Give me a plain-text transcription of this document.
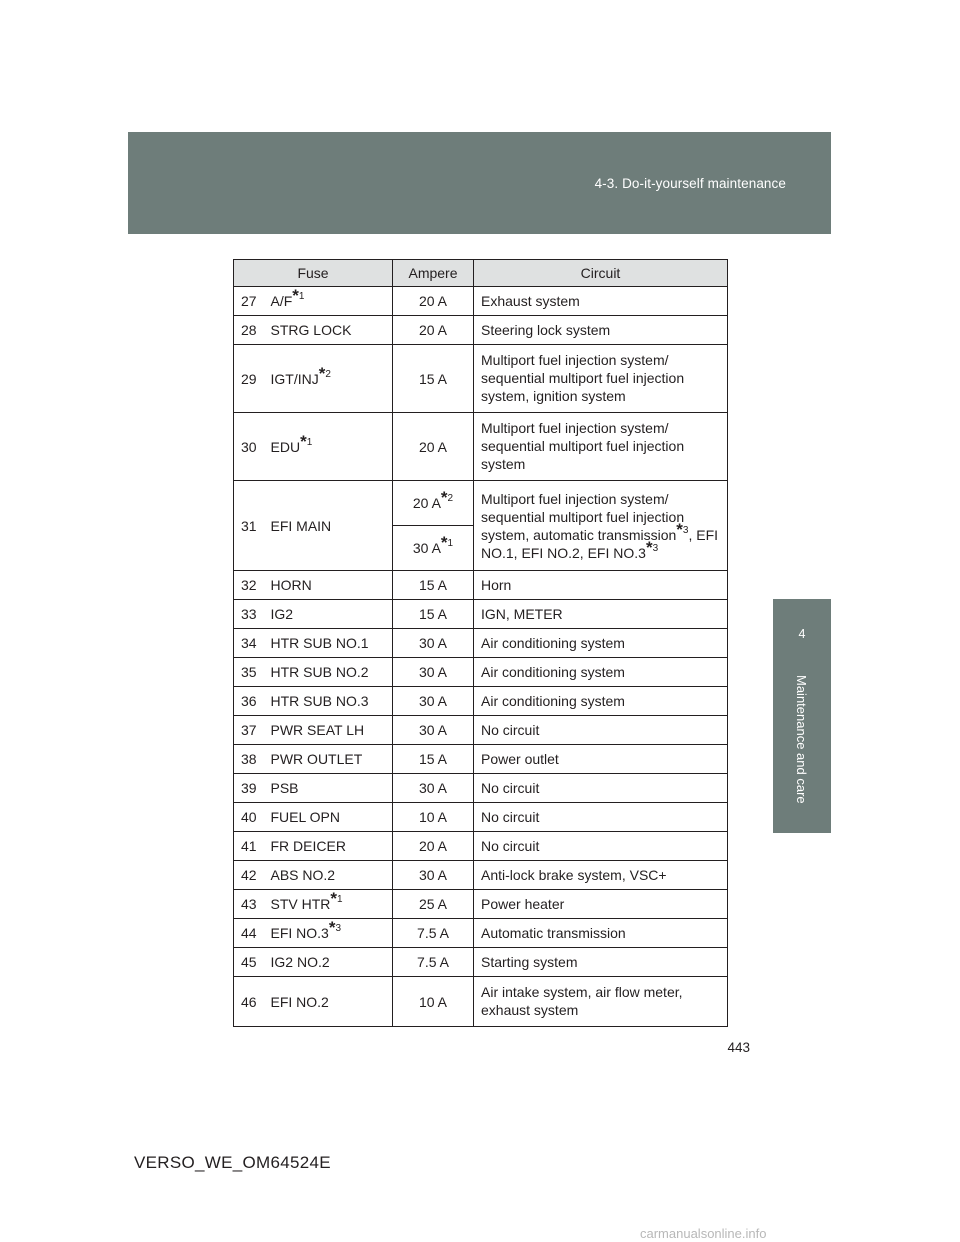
4-3. Do-it-yourself maintenance
4
Maintenance and care
Fuse		Ampere	Circuit
27	A/F*$^1$	20 A	Exhaust system
28	STRG LOCK	20 A	Steering lock system
29	IGT/INJ*$^2$	15 A	Multiport fuel injection system/ sequential multiport fuel injection system, ignition system
30	EDU*$^1$	20 A	Multiport fuel injection system/ sequential multiport fuel injection system
31	EFI MAIN	20 A*$^2$	Multiport fuel injection system/ sequential multiport fuel injection system, automatic transmission*$^3$, EFI NO.1, EFI NO.2, EFI NO.3*$^3$
		30 A*$^1$
32	HORN	15 A	Horn
33	IG2	15 A	IGN, METER
34	HTR SUB NO.1	30 A	Air conditioning system
35	HTR SUB NO.2	30 A	Air conditioning system
36	HTR SUB NO.3	30 A	Air conditioning system
37	PWR SEAT LH	30 A	No circuit
38	PWR OUTLET	15 A	Power outlet
39	PSB	30 A	No circuit
40	FUEL OPN	10 A	No circuit
41	FR DEICER	20 A	No circuit
42	ABS NO.2	30 A	Anti-lock brake system, VSC+
43	STV HTR*$^1$	25 A	Power heater
44	EFI NO.3*$^3$	7.5 A	Automatic transmission
45	IG2 NO.2	7.5 A	Starting system
46	EFI NO.2	10 A	Air intake system, air flow meter, exhaust system
443
VERSO_WE_OM64524E
carmanualsonline.info
